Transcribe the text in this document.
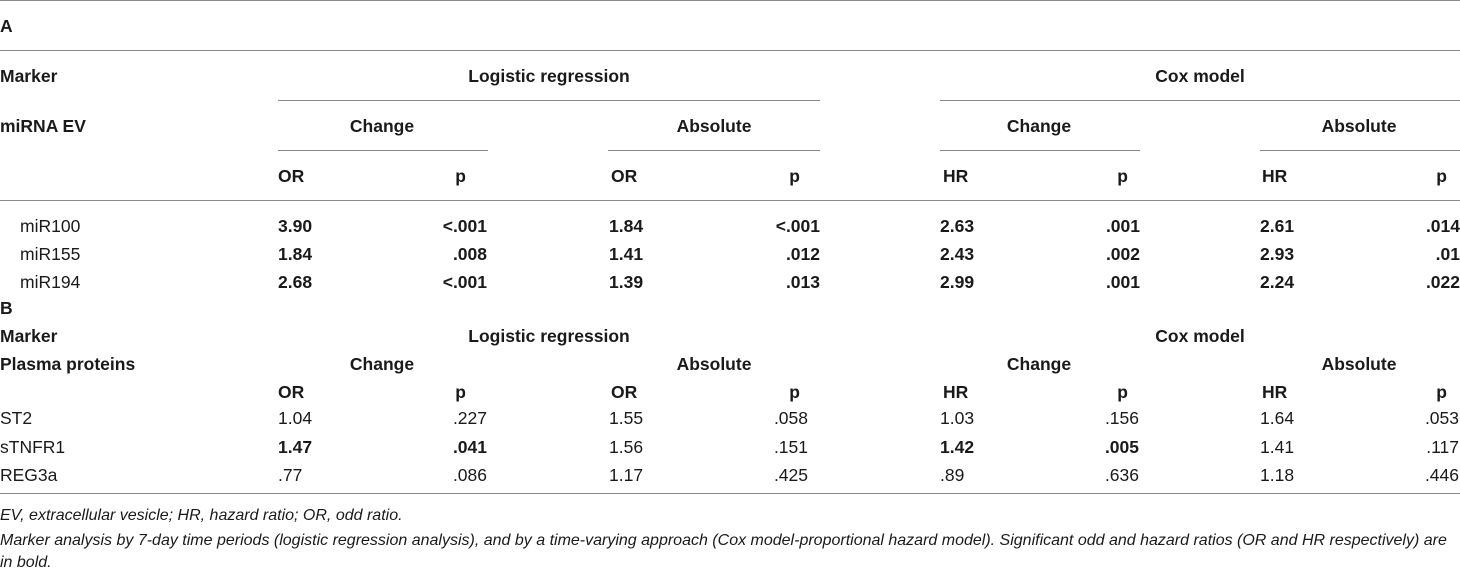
A
Marker	Logistic regression	Cox model
miRNA EV	Change	Absolute	Change	Absolute
OR	p	OR	p	HR	p	HR	p
miR100	3.90	<.001	1.84	<.001	2.63	.001	2.61	.014
miR155	1.84	.008	1.41	.012	2.43	.002	2.93	.01
miR194	2.68	<.001	1.39	.013	2.99	.001	2.24	.022
B
Marker	Logistic regression	Cox model
Plasma proteins	Change	Absolute	Change	Absolute
OR	p	OR	p	HR	p	HR	p
ST2	1.04	.227	1.55	.058	1.03	.156	1.64	.053
sTNFR1	1.47	.041	1.56	.151	1.42	.005	1.41	.117
REG3a	.77	.086	1.17	.425	.89	.636	1.18	.446
EV, extracellular vesicle; HR, hazard ratio; OR, odd ratio.
Marker analysis by 7-day time periods (logistic regression analysis), and by a time-varying approach (Cox model-proportional hazard model). Significant odd and hazard ratios (OR and HR respectively) are in bold.
